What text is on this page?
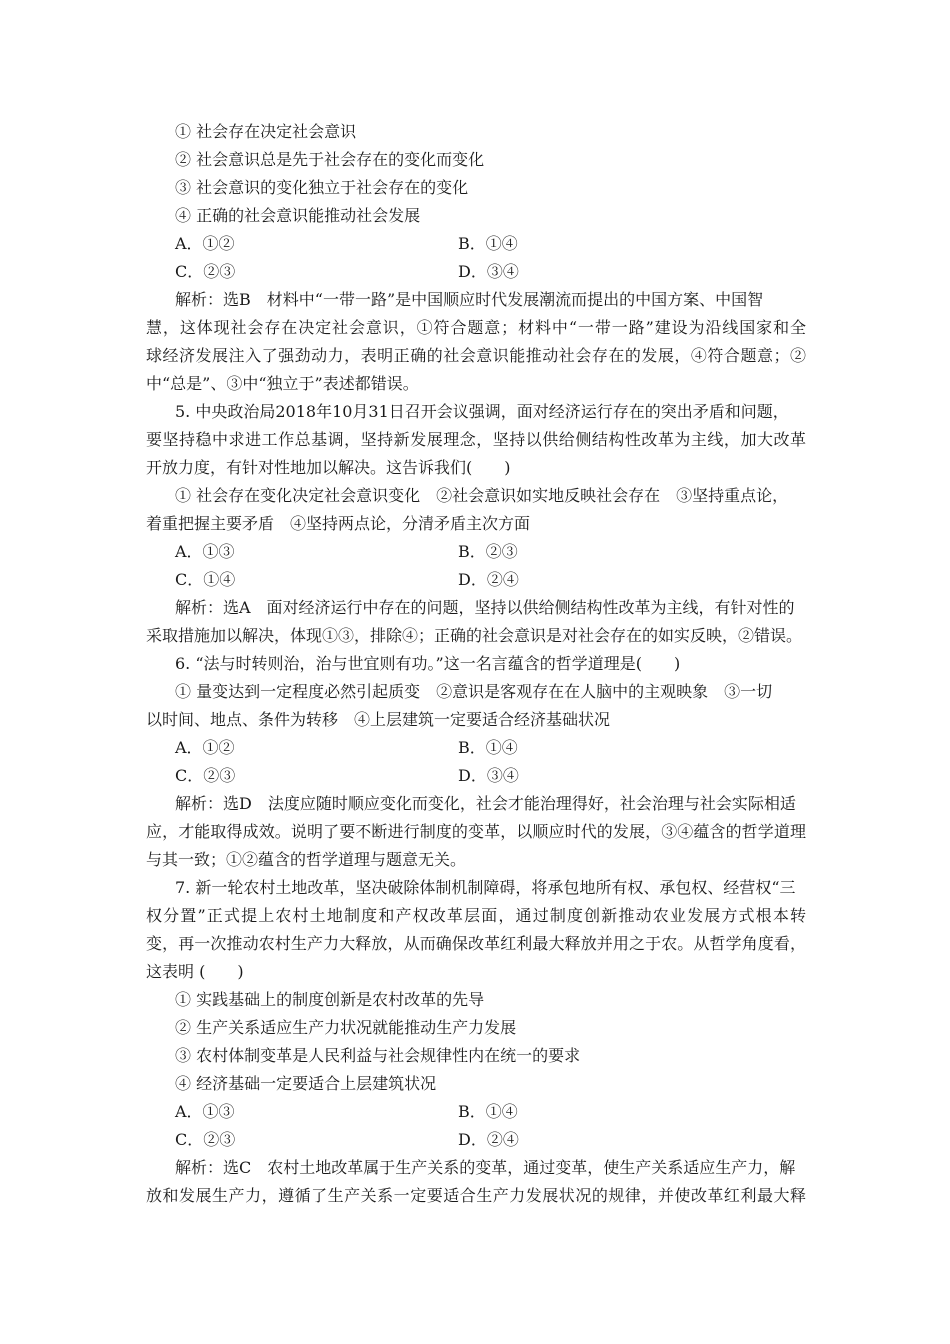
① 社会存在决定社会意识
② 社会意识总是先于社会存在的变化而变化
③ 社会意识的变化独立于社会存在的变化
④ 正确的社会意识能推动社会发展
A．①②	B．①④
C．②③	D．③④
解析：选B　材料中“一带一路”是中国顺应时代发展潮流而提出的中国方案、中国智
慧，这体现社会存在决定社会意识，①符合题意；材料中“一带一路”建设为沿线国家和全
球经济发展注入了强劲动力，表明正确的社会意识能推动社会存在的发展，④符合题意；②
中“总是”、③中“独立于”表述都错误。
5. 中央政治局2018年10月31日召开会议强调，面对经济运行存在的突出矛盾和问题，
要坚持稳中求进工作总基调，坚持新发展理念，坚持以供给侧结构性改革为主线，加大改革
开放力度，有针对性地加以解决。这告诉我们(　　)
① 社会存在变化决定社会意识变化　②社会意识如实地反映社会存在　③坚持重点论，
着重把握主要矛盾　④坚持两点论，分清矛盾主次方面
A．①③	B．②③
C．①④	D．②④
解析：选A　面对经济运行中存在的问题，坚持以供给侧结构性改革为主线，有针对性的
采取措施加以解决，体现①③，排除④；正确的社会意识是对社会存在的如实反映，②错误。
6. “法与时转则治，治与世宜则有功。”这一名言蕴含的哲学道理是(　　)
① 量变达到一定程度必然引起质变　②意识是客观存在在人脑中的主观映象　③一切
以时间、地点、条件为转移　④上层建筑一定要适合经济基础状况
A．①②	B．①④
C．②③	D．③④
解析：选D　法度应随时顺应变化而变化，社会才能治理得好，社会治理与社会实际相适
应，才能取得成效。说明了要不断进行制度的变革，以顺应时代的发展，③④蕴含的哲学道理
与其一致；①②蕴含的哲学道理与题意无关。
7. 新一轮农村土地改革，坚决破除体制机制障碍，将承包地所有权、承包权、经营权“三
权分置”正式提上农村土地制度和产权改革层面，通过制度创新推动农业发展方式根本转
变，再一次推动农村生产力大释放，从而确保改革红利最大释放并用之于农。从哲学角度看，
这表明 (　　)
① 实践基础上的制度创新是农村改革的先导
② 生产关系适应生产力状况就能推动生产力发展
③ 农村体制变革是人民利益与社会规律性内在统一的要求
④ 经济基础一定要适合上层建筑状况
A．①③	B．①④
C．②③	D．②④
解析：选C　农村土地改革属于生产关系的变革，通过变革，使生产关系适应生产力，解
放和发展生产力，遵循了生产关系一定要适合生产力发展状况的规律，并使改革红利最大释
